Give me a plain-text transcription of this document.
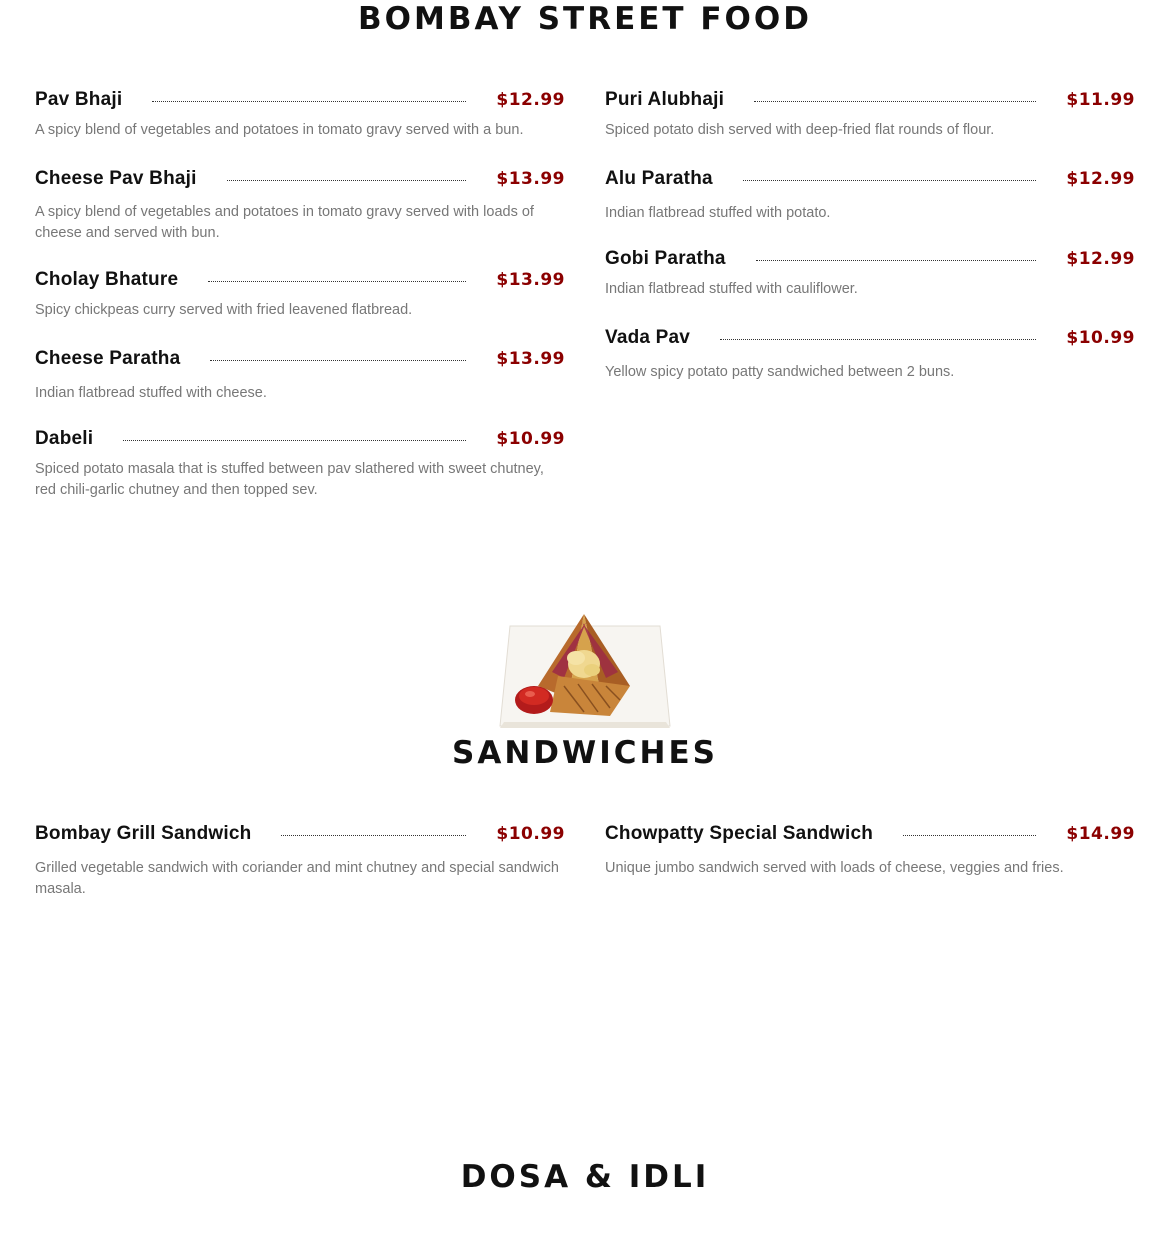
BOMBAY STREET FOOD
Pav Bhaji	$12.99

A spicy blend of vegetables and potatoes in tomato gravy served with a bun.

Cheese Pav Bhaji	$13.99

A spicy blend of vegetables and potatoes in tomato gravy served with loads of cheese and served with bun.

Cholay Bhature	$13.99

Spicy chickpeas curry served with fried leavened flatbread.

Cheese Paratha	$13.99

Indian flatbread stuffed with cheese.

Dabeli	$10.99

Spiced potato masala that is stuffed between pav slathered with sweet chutney, red chili-garlic chutney and then topped sev.

Puri Alubhaji	$11.99

Spiced potato dish served with deep-fried flat rounds of flour.

Alu Paratha	$12.99

Indian flatbread stuffed with potato.

Gobi Paratha	$12.99

Indian flatbread stuffed with cauliflower.

Vada Pav	$10.99

Yellow spicy potato patty sandwiched between 2 buns.

SANDWICHES
Bombay Grill Sandwich	$10.99

Grilled vegetable sandwich with coriander and mint chutney and special sandwich masala.

Chowpatty Special Sandwich	$14.99

Unique jumbo sandwich served with loads of cheese, veggies and fries.

DOSA & IDLI
